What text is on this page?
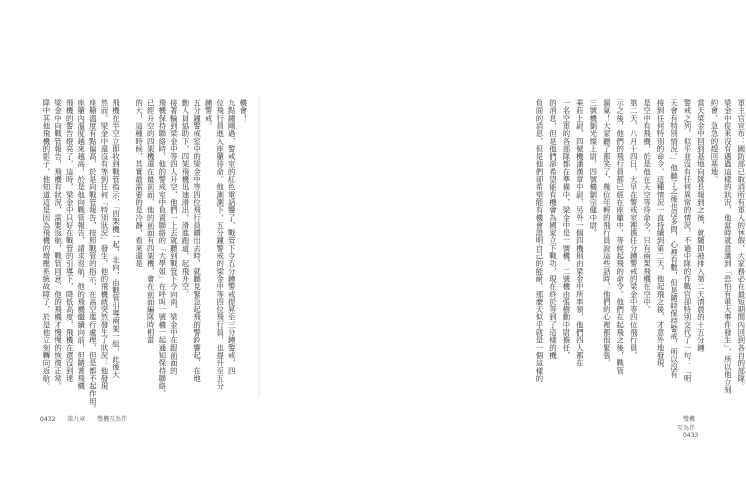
機會！
九點鐘剛過，警戒室的紅色電話響了，戰管下令五分鐘警戒提昇至三分鐘警戒，四
位飛行員進入座艙待命。他測測下，五分鐘警戒的梁金中等四位飛行員，也提升至五分
鐘警戒。
五分鐘警戒室中的梁金中等四位飛行員鑽出去時，就聽見緊急起飛的警鈴響起，在地
勤人員協助下，四架飛機迅速滑出，滑進跑道，起飛升空。
接著輪到梁金中等四人升空，他們一上去就聽到戰管下令向南，梁金中在跟前面的
飛機保持聯絡時，他的警戒室中負責聯絡的「大學姐」在呼叫一號機一起通知保持聯絡，
已經升空的四架機還在最前面，他的前面有四架機，會在前面編隊時相當
的大，這種時候，其實最需要的是冷靜，看來還是
飛機在半空立即收到戰管指示，「四架機一起，北向，由戰管引導兩架一組，此後大
然而，梁金中還沒有等到任何「特別狀況」發生，他的飛機就突然發生了狀況：他發現
座艙溫度有點偏高，於是向戰管報告，按照戰管的指示，在高空進行處理，但是都不起作用。
座艙內溫度越來越高，於是他向戰管報告，請求返航，他的飛機繼續向前，但隨著飛機
飛機的警告燈亮了，這時，梁金中只好在戰管的引導下，降低高度，飛機在還沒到達
梁金中向戰管報告，飛機有狀況，需要返航，戰管同意，他的飛機才慢慢的恢復正常。
降中其他飛機的影子，他知道這是因為飛機的增壓系統故障了，於是他立刻轉向返航。
0432 第九章 雙機互為伴
軍主官宣布：國防部已取消所有軍人的休假，大家務必在最短期間內回到各自的部隊。
梁金中從來沒有遇過這樣的狀況，他當時就意識到「恐怕有重大事件發生」，所以他立刻
約會，急急的趕回基地。
當天梁金中回到基地向隊長報到之後，就隨即被排入第二天清晨的十五分鐘
警戒之列，似乎並沒有任何異常的情況，不過中隊的作戰官卻特別交代了一句：「明
天會有特別情況。」他聽了之後也沒多問，心裡有數，但是隨時保持警戒，所以沒有
接到任何特別的命令，這種情況一直持續到第二天，他起飛之後，才意外地發現
是空中有飛機，於是他在天空等待命令，只有兩架飛機在空中。
第二天，八月十四日，大早在警戒室裡擔任分鐘警戒的梁金中等四位飛行員，
示之後，他們的飛行員都已經在座艙中，等候起飛的命令。他們在起飛之後，戰管
漏氣！大家聽了都笑了，幾位年輕的飛行員說這些話時，他們的心裡都很緊張，
三號機劉光燦上尉，四號機劉宗健中尉。
乘莊上尉，四號機潘漢章中尉，另外一個四機則由梁金中所率領，他們四人都在
一名空軍的各部隊都在準備中，梁金中是一號機，二號機由張樹勳中尉擔任，
的消息，但是他們卻希望能有機會為國家立下戰功，現在終於等到了這樣的機
負面的消息，但是他們卻希望能有機會證明自己的能耐，那麼天似乎就是一個這樣的
雙機互為伴 0433
